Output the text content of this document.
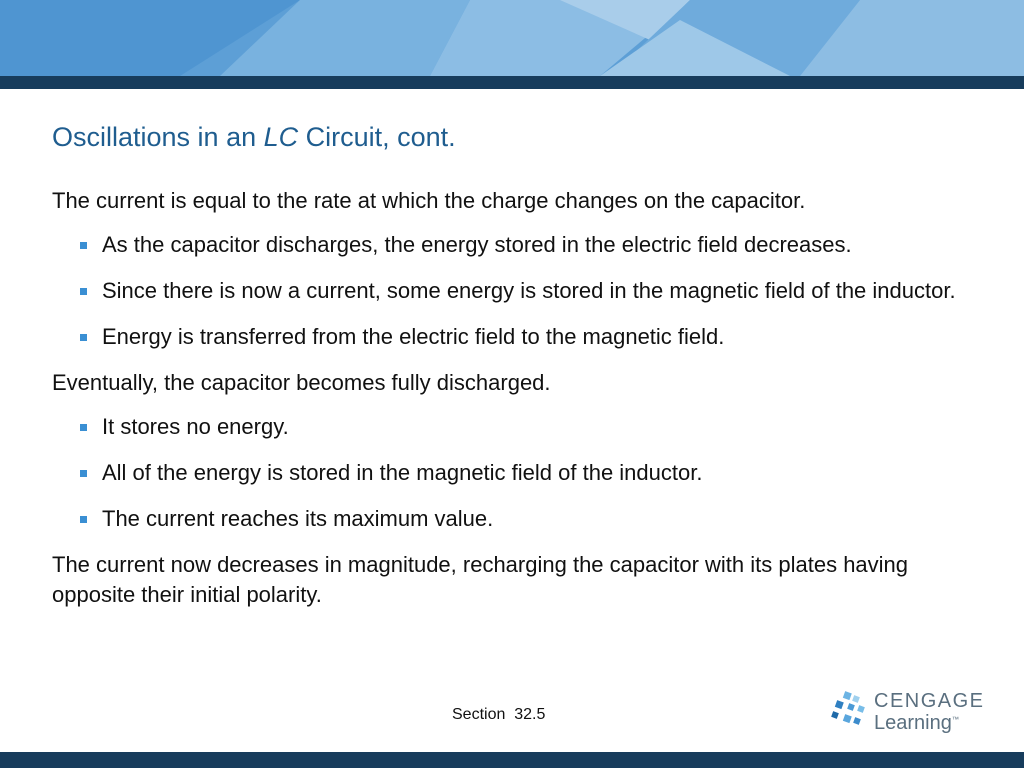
Oscillations in an LC Circuit, cont.

The current is equal to the rate at which the charge changes on the capacitor.

As the capacitor discharges, the energy stored in the electric field decreases.
Since there is now a current, some energy is stored in the magnetic field of the inductor.
Energy is transferred from the electric field to the magnetic field.

Eventually, the capacitor becomes fully discharged.

It stores no energy.
All of the energy is stored in the magnetic field of the inductor.
The current reaches its maximum value.

The current now decreases in magnitude, recharging the capacitor with its plates having opposite their initial polarity.

Section  32.5
CENGAGE
Learning™
